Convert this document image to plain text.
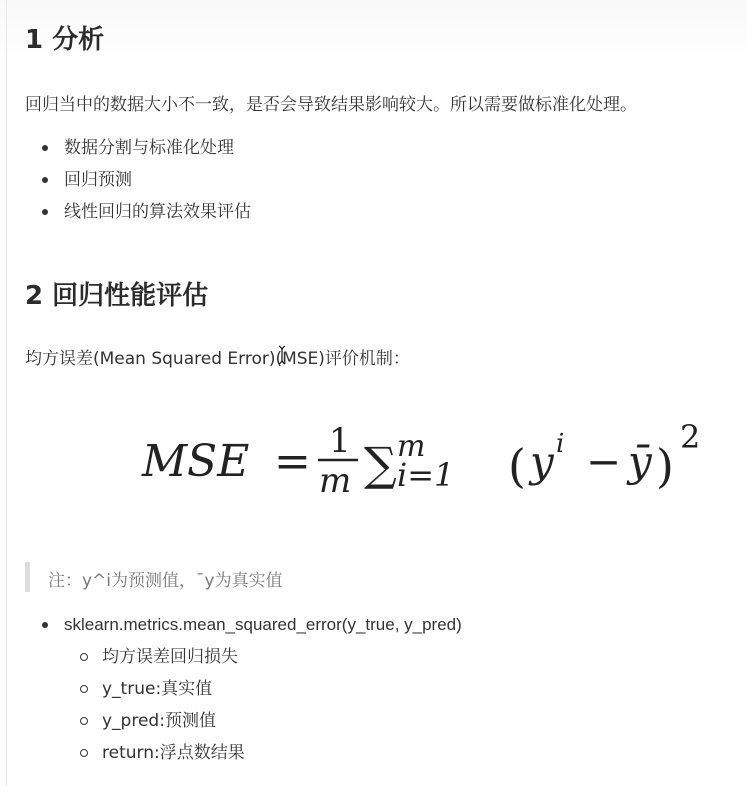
1 分析

回归当中的数据大小不一致，是否会导致结果影响较大。所以需要做标准化处理。

数据分割与标准化处理
回归预测
线性回归的算法效果评估
2 回归性能评估

均方误差(Mean Squared Error)(MSE)评价机制：

MSE = 1
m ∑ m
i=1 ( y i − ȳ )
2
注：y^i为预测值，¯y为真实值
sklearn.metrics.mean_squared_error(y_true, y_pred)
均方误差回归损失
y_true:真实值
y_pred:预测值
return:浮点数结果
